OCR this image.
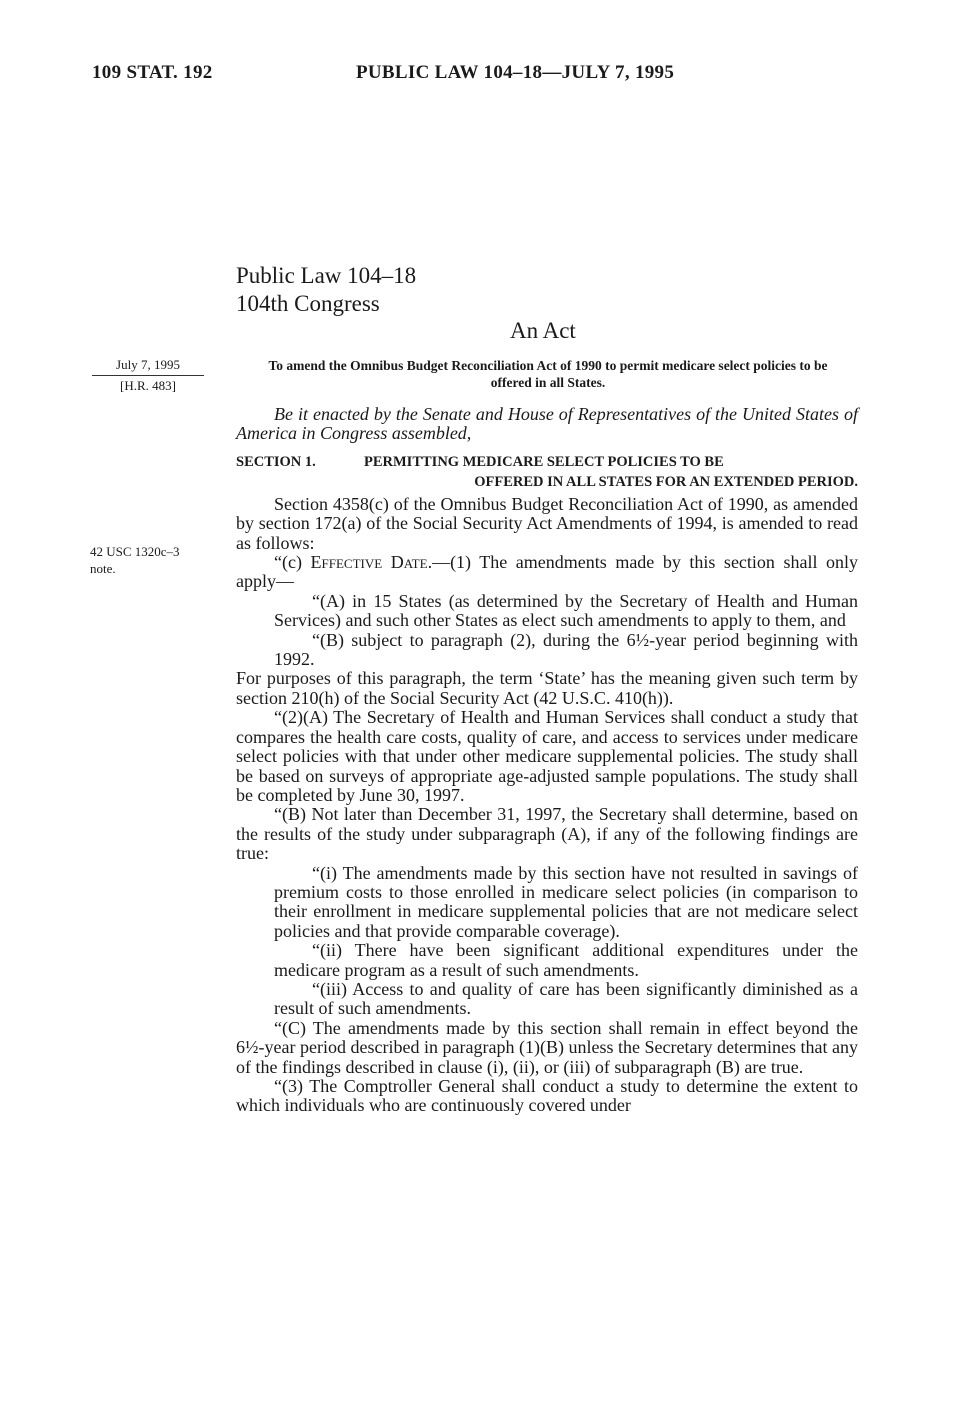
109 STAT. 192	PUBLIC LAW 104–18—JULY 7, 1995
Public Law 104–18
104th Congress
An Act
July 7, 1995
[H.R. 483]
To amend the Omnibus Budget Reconciliation Act of 1990 to permit medicare select policies to be offered in all States.
42 USC 1320c–3
note.

Be it enacted by the Senate and House of Representatives of the United States of America in Congress assembled,

SECTION 1.	PERMITTING MEDICARE SELECT POLICIES TO BE
OFFERED IN ALL STATES FOR AN EXTENDED PERIOD.

Section 4358(c) of the Omnibus Budget Reconciliation Act of 1990, as amended by section 172(a) of the Social Security Act Amendments of 1994, is amended to read as follows:

“(c) Effective Date.—(1) The amendments made by this section shall only apply—

“(A) in 15 States (as determined by the Secretary of Health and Human Services) and such other States as elect such amendments to apply to them, and

“(B) subject to paragraph (2), during the 6½-year period beginning with 1992.

For purposes of this paragraph, the term ‘State’ has the meaning given such term by section 210(h) of the Social Security Act (42 U.S.C. 410(h)).

“(2)(A) The Secretary of Health and Human Services shall conduct a study that compares the health care costs, quality of care, and access to services under medicare select policies with that under other medicare supplemental policies. The study shall be based on surveys of appropriate age-adjusted sample populations. The study shall be completed by June 30, 1997.

“(B) Not later than December 31, 1997, the Secretary shall determine, based on the results of the study under subparagraph (A), if any of the following findings are true:

“(i) The amendments made by this section have not resulted in savings of premium costs to those enrolled in medicare select policies (in comparison to their enrollment in medicare supplemental policies that are not medicare select policies and that provide comparable coverage).

“(ii) There have been significant additional expenditures under the medicare program as a result of such amendments.

“(iii) Access to and quality of care has been significantly diminished as a result of such amendments.

“(C) The amendments made by this section shall remain in effect beyond the 6½-year period described in paragraph (1)(B) unless the Secretary determines that any of the findings described in clause (i), (ii), or (iii) of subparagraph (B) are true.

“(3) The Comptroller General shall conduct a study to determine the extent to which individuals who are continuously covered under
